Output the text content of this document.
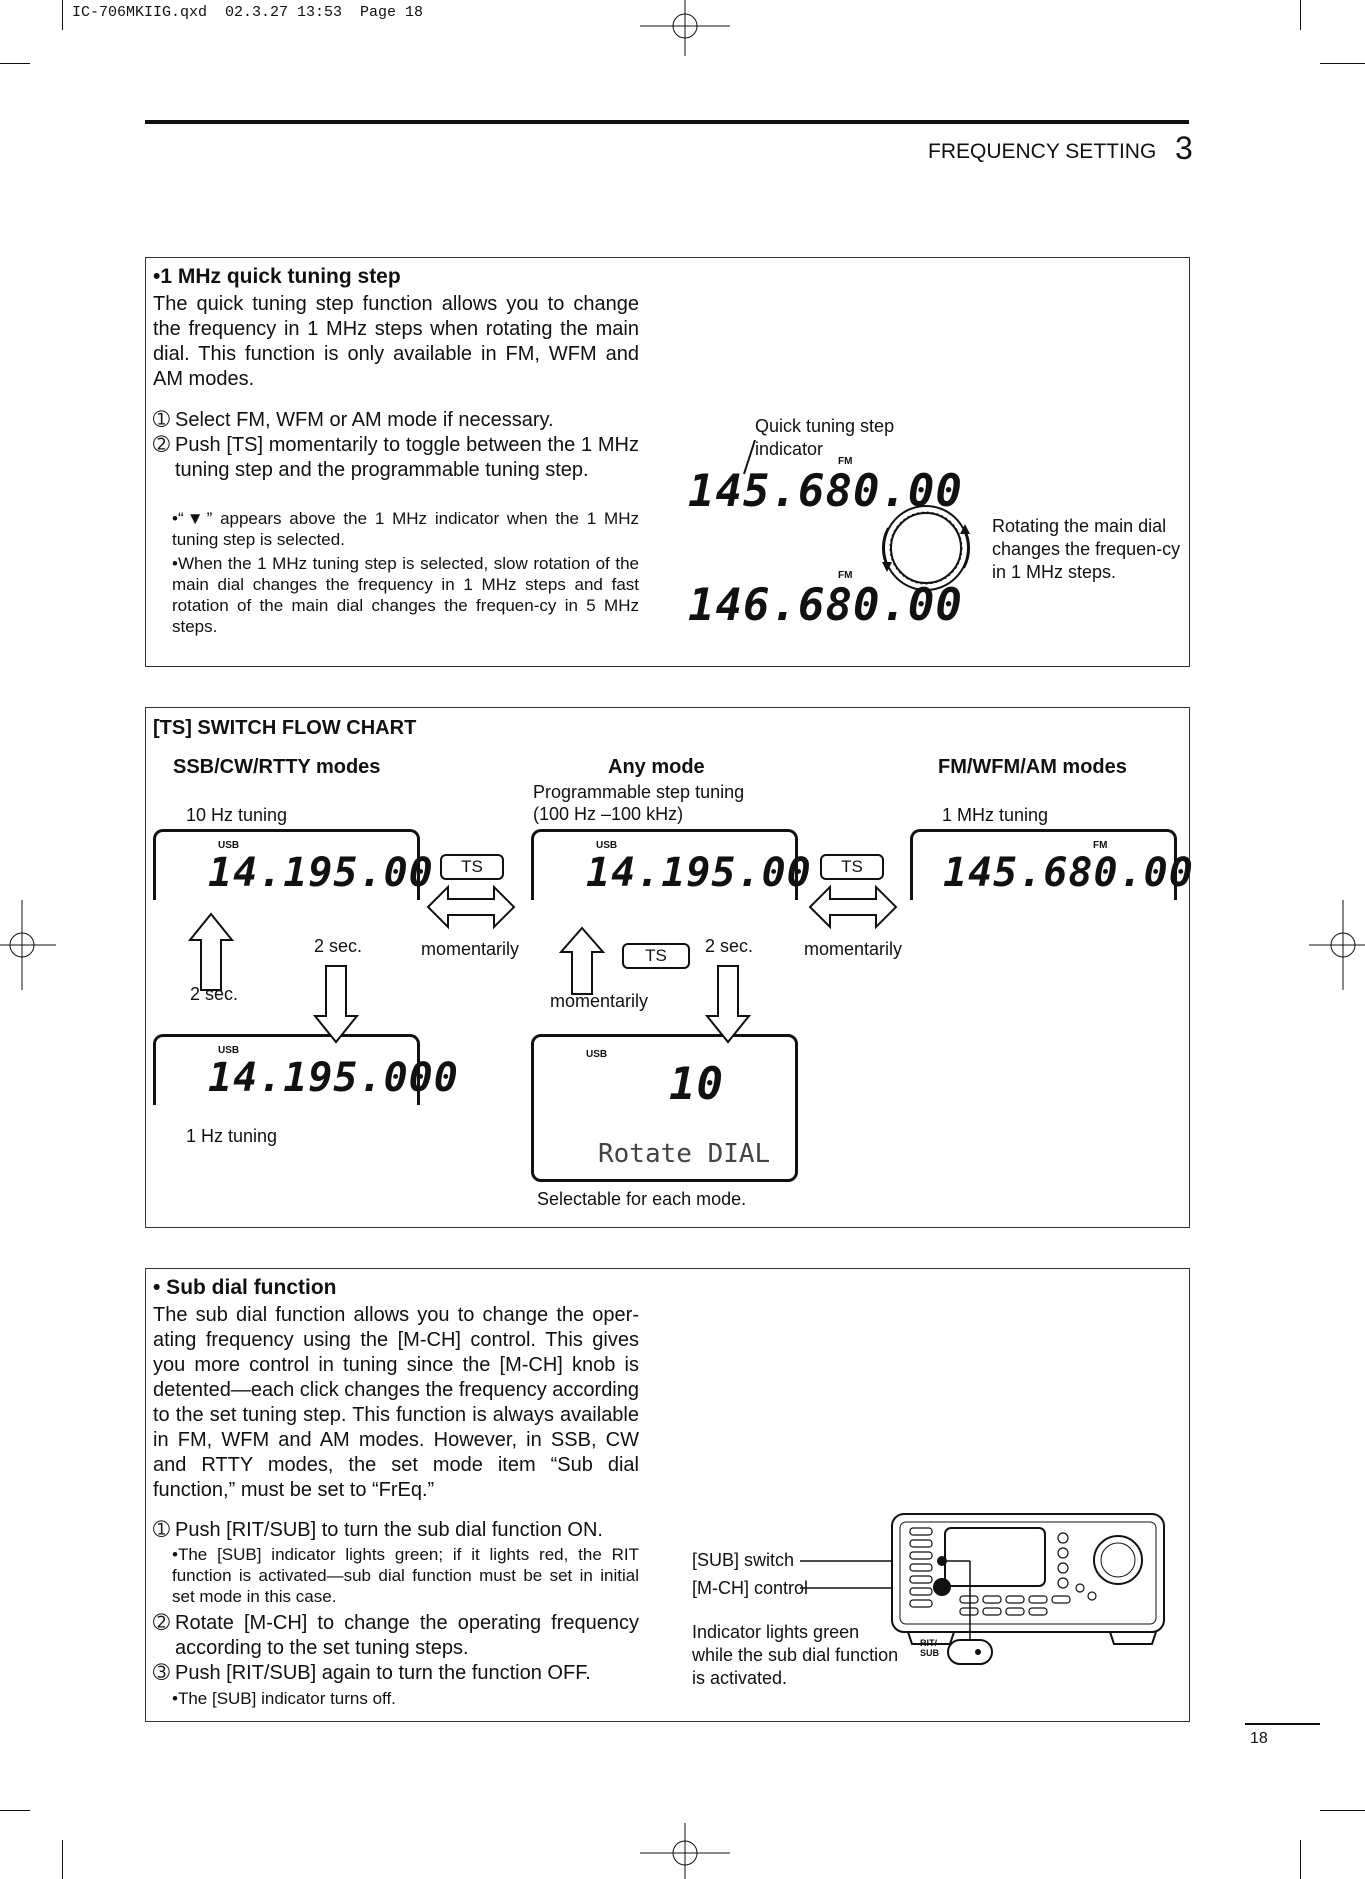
IC-706MKIIG.qxd  02.3.27 13:53  Page 18
FREQUENCY SETTING 3
•1 MHz quick tuning step
The quick tuning step function allows you to change the frequency in 1 MHz steps when rotating the main dial. This function is only available in FM, WFM and AM modes.
➀ Select FM, WFM or AM mode if necessary.
➁ Push [TS] momentarily to toggle between the 1 MHz tuning step and the programmable tuning step.
•“▼” appears above the 1 MHz indicator when the 1 MHz tuning step is selected.
•When the 1 MHz tuning step is selected, slow rotation of the main dial changes the frequency in 1 MHz steps and fast rotation of the main dial changes the frequen-cy in 5 MHz steps.
Quick tuning step
indicator
FM
145.680.00
FM
146.680.00
Rotating the main dial changes the frequen-cy in 1 MHz steps.
[TS] SWITCH FLOW CHART
SSB/CW/RTTY modes	Any mode	FM/WFM/AM modes
10 Hz tuning
Programmable step tuning
(100 Hz –100 kHz)	1 MHz tuning
USB
14.195.00
USB
14.195.00
FM
145.680.00
USB
14.195.000
USB
10
Rotate DIAL
TS
momentarily
TS
momentarily
2 sec.
2 sec.	TS
momentarily
2 sec.
1 Hz tuning
Selectable for each mode.
• Sub dial function
The sub dial function allows you to change the oper-ating frequency using the [M-CH] control. This gives you more control in tuning since the [M-CH] knob is detented—each click changes the frequency according to the set tuning step. This function is always available in FM, WFM and AM modes. However, in SSB, CW and RTTY modes, the set mode item “Sub dial function,” must be set to “FrEq.”
➀ Push [RIT/SUB] to turn the sub dial function ON.
•The [SUB] indicator lights green; if it lights red, the RIT function is activated—sub dial function must be set in initial set mode in this case.
➁ Rotate [M-CH] to change the operating frequency according to the set tuning steps.
➂ Push [RIT/SUB] again to turn the function OFF.
•The [SUB] indicator turns off.
[SUB] switch
[M-CH] control
Indicator lights green
while the sub dial function
is activated.
RIT/
SUB
18
